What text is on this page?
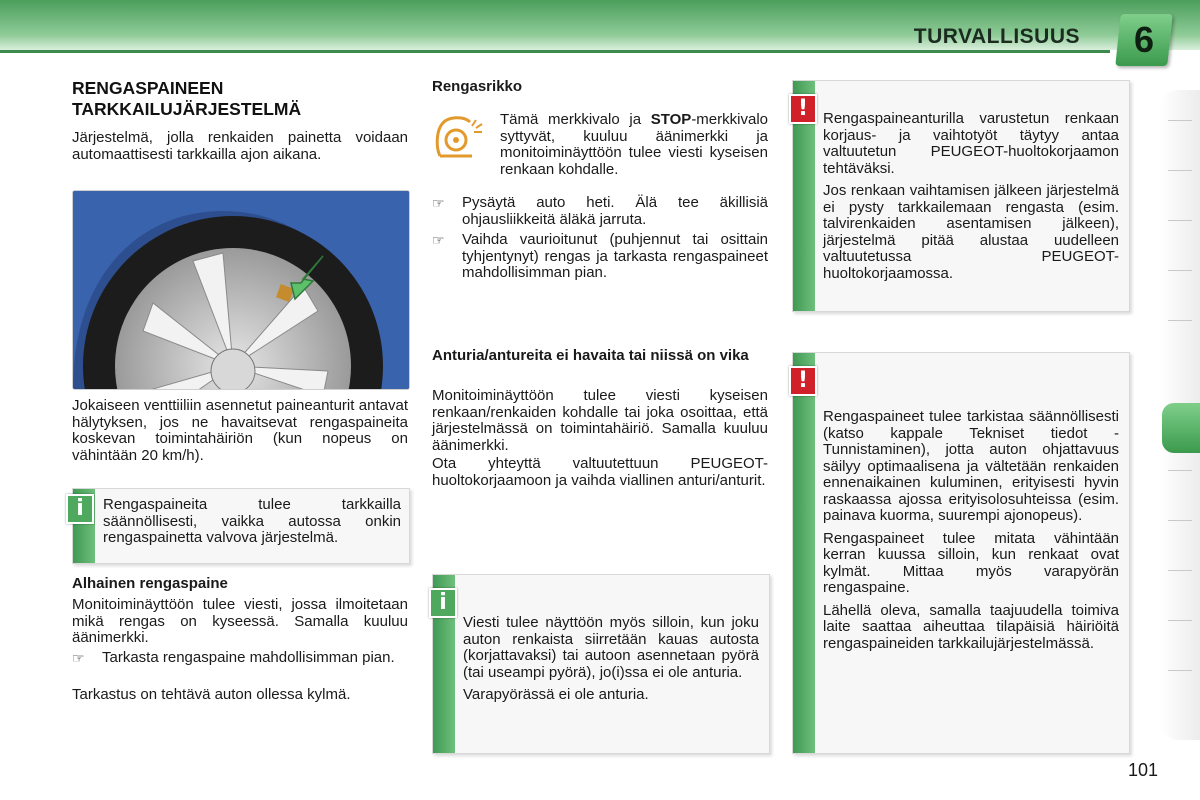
TURVALLISUUS	6
RENGASPAINEEN TARKKAILUJÄRJESTELMÄ
Järjestelmä, jolla renkaiden painetta voidaan automaattisesti tarkkailla ajon aikana.
Jokaiseen venttiiliin asennetut paineanturit antavat hälytyksen, jos ne havaitsevat rengaspaineita koskevan toimintahäiriön (kun nopeus on vähintään 20 km/h).
Rengaspaineita tulee tarkkailla säännöllisesti, vaikka autossa onkin rengaspainetta valvova järjestelmä.
i
Alhainen rengaspaine
Monitoiminäyttöön tulee viesti, jossa ilmoitetaan mikä rengas on kyseessä. Samalla kuuluu äänimerkki.
☞ Tarkasta rengaspaine mahdollisimman pian.
Tarkastus on tehtävä auton ollessa kylmä.
Rengasrikko
Tämä merkkivalo ja STOP-merkkivalo syttyvät, kuuluu äänimerkki ja monitoiminäyttöön tulee viesti kyseisen renkaan kohdalle.
☞ Pysäytä auto heti. Älä tee äkillisiä ohjausliikkeitä äläkä jarruta.
☞ Vaihda vaurioitunut (puhjennut tai osittain tyhjentynyt) rengas ja tarkasta rengaspaineet mahdollisimman pian.
Anturia/antureita ei havaita tai niissä on vika
Monitoiminäyttöön tulee viesti kyseisen renkaan/renkaiden kohdalle tai joka osoittaa, että järjestelmässä on toimintahäiriö. Samalla kuuluu äänimerkki.
Ota yhteyttä valtuutettuun PEUGEOT-huoltokorjaamoon ja vaihda viallinen anturi/anturit.

Viesti tulee näyttöön myös silloin, kun joku auton renkaista siirretään kauas autosta (korjattavaksi) tai autoon asennetaan pyörä (tai useampi pyörä), jo(i)ssa ei ole anturia.

Varapyörässä ei ole anturia.

i

Rengaspaineanturilla varustetun renkaan korjaus- ja vaihtotyöt täytyy antaa valtuutetun PEUGEOT-huoltokorjaamon tehtäväksi.

Jos renkaan vaihtamisen jälkeen järjestelmä ei pysty tarkkailemaan rengasta (esim. talvirenkaiden asentamisen jälkeen), järjestelmä pitää alustaa uudelleen valtuutetussa PEUGEOT-huoltokorjaamossa.

!

Rengaspaineet tulee tarkistaa säännöllisesti (katso kappale Tekniset tiedot - Tunnistaminen), jotta auton ohjattavuus säilyy optimaalisena ja vältetään renkaiden ennenaikainen kuluminen, erityisesti hyvin raskaassa ajossa erityisolosuhteissa (esim. painava kuorma, suurempi ajonopeus).

Rengaspaineet tulee mitata vähintään kerran kuussa silloin, kun renkaat ovat kylmät. Mittaa myös varapyörän rengaspaine.

Lähellä oleva, samalla taajuudella toimiva laite saattaa aiheuttaa tilapäisiä häiriöitä rengaspaineiden tarkkailujärjestelmässä.

!
101
